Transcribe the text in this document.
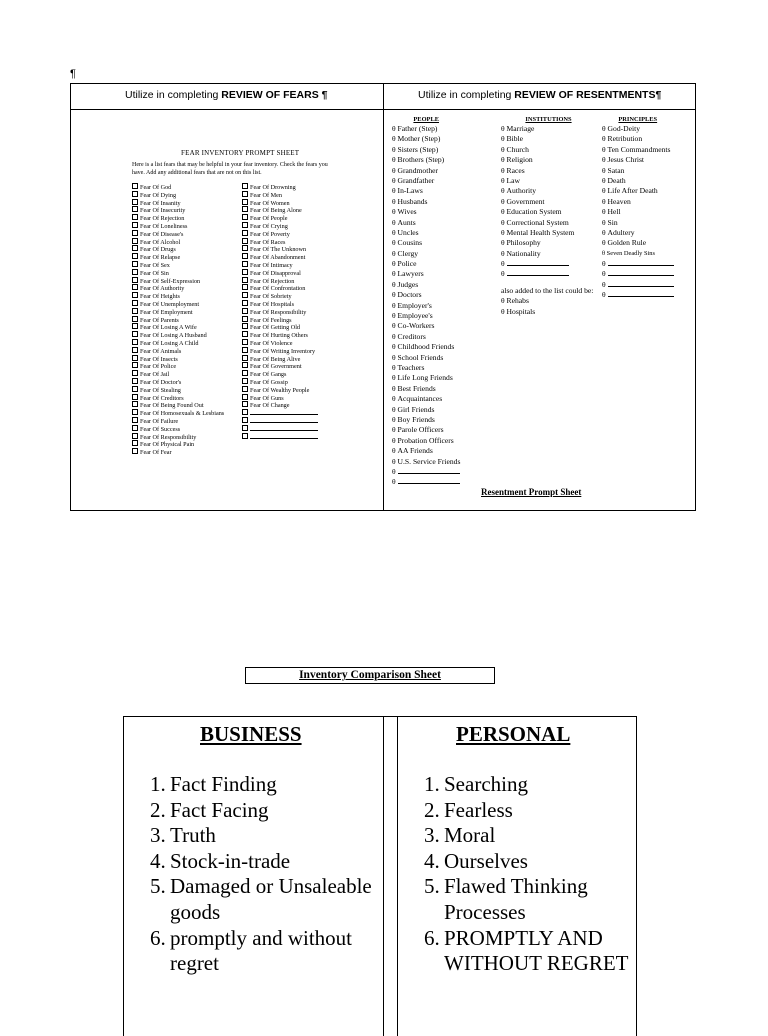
¶
Utilize in completing REVIEW OF FEARS ¶	Utilize in completing REVIEW OF RESENTMENTS¶
FEAR INVENTORY PROMPT SHEET
Here is a list fears that may be helpful in your fear inventory. Check the fears you have. Add any additional fears that are not on this list.
Fear Of God
Fear Of Dying
Fear Of Insanity
Fear Of Insecurity
Fear Of Rejection
Fear Of Loneliness
Fear Of Disease's
Fear Of Alcohol
Fear Of Drugs
Fear Of Relapse
Fear Of Sex
Fear Of Sin
Fear Of Self-Expression
Fear Of Authority
Fear Of Heights
Fear Of Unemployment
Fear Of Employment
Fear Of Parents
Fear Of Losing A Wife
Fear Of Losing A Husband
Fear Of Losing A Child
Fear Of Animals
Fear Of Insects
Fear Of Police
Fear Of Jail
Fear Of Doctor's
Fear Of Stealing
Fear Of Creditors
Fear Of Being Found Out
Fear Of Homosexuals & Lesbians
Fear Of Failure
Fear Of Success
Fear Of Responsibility
Fear Of Physical Pain
Fear Of Fear
Fear Of Drowning
Fear Of Men
Fear Of Women
Fear Of Being Alone
Fear Of People
Fear Of Crying
Fear Of Poverty
Fear Of Races
Fear Of The Unknown
Fear Of Abandonment
Fear Of Intimacy
Fear Of Disapproval
Fear Of Rejection
Fear Of Confrontation
Fear Of Sobriety
Fear Of Hospitals
Fear Of Responsibility
Fear Of Feelings
Fear Of Getting Old
Fear Of Hurting Others
Fear Of Violence
Fear Of Writing Inventory
Fear Of Being Alive
Fear Of Government
Fear Of Gangs
Fear Of Gossip
Fear Of Wealthy People
Fear Of Guns
Fear Of Change
PEOPLE
θ Father (Step)
θ Mother (Step)
θ Sisters (Step)
θ Brothers (Step)
θ Grandmother
θ Grandfather
θ In-Laws
θ Husbands
θ Wives
θ Aunts
θ Uncles
θ Cousins
θ Clergy
θ Police
θ Lawyers
θ Judges
θ Doctors
θ Employer's
θ Employee's
θ Co-Workers
θ Creditors
θ Childhood Friends
θ School Friends
θ Teachers
θ Life Long Friends
θ Best Friends
θ Acquaintances
θ Girl Friends
θ Boy Friends
θ Parole Officers
θ Probation Officers
θ AA Friends
θ U.S. Service Friends
θ
θ
INSTITUTIONS
θ Marriage
θ Bible
θ Church
θ Religion
θ Races
θ Law
θ Authority
θ Government
θ Education System
θ Correctional System
θ Mental Health System
θ Philosophy
θ Nationality
θ
θ
also added to the list could be:
θ Rehabs
θ Hospitals
PRINCIPLES
θ God-Deity
θ Retribution
θ Ten Commandments
θ Jesus Christ
θ Satan
θ Death
θ Life After Death
θ Heaven
θ Hell
θ Sin
θ Adultery
θ Golden Rule
θ Seven Deadly Sins
θ
θ
θ
θ
Resentment Prompt Sheet
Inventory Comparison Sheet
BUSINESS	PERSONAL
1. Fact Finding
2. Fact Facing
3. Truth
4. Stock-in-trade
5. Damaged or Unsaleable goods
6. promptly and without regret
1. Searching
2. Fearless
3. Moral
4. Ourselves
5. Flawed Thinking Processes
6. PROMPTLY AND WITHOUT REGRET
